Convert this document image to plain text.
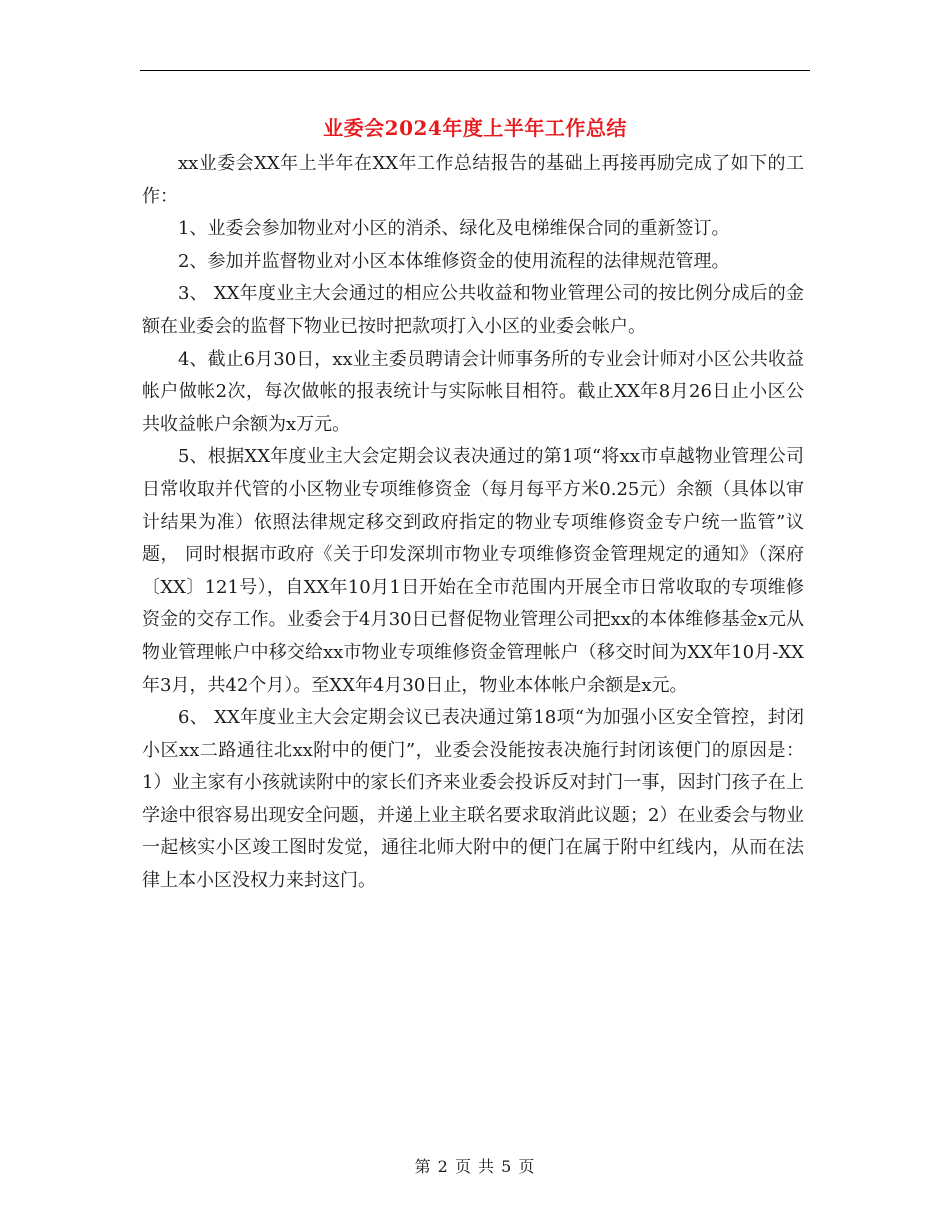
业委会2024年度上半年工作总结

xx业委会XX年上半年在XX年工作总结报告的基础上再接再励完成了如下的工作：

1、业委会参加物业对小区的消杀、绿化及电梯维保合同的重新签订。

2、参加并监督物业对小区本体维修资金的使用流程的法律规范管理。

3、 XX年度业主大会通过的相应公共收益和物业管理公司的按比例分成后的金额在业委会的监督下物业已按时把款项打入小区的业委会帐户。

4、截止6月30日，xx业主委员聘请会计师事务所的专业会计师对小区公共收益帐户做帐2次，每次做帐的报表统计与实际帐目相符。截止XX年8月26日止小区公共收益帐户余额为x万元。

5、根据XX年度业主大会定期会议表决通过的第1项“将xx市卓越物业管理公司日常收取并代管的小区物业专项维修资金（每月每平方米0.25元）余额（具体以审计结果为准）依照法律规定移交到政府指定的物业专项维修资金专户统一监管”议题， 同时根据市政府《关于印发深圳市物业专项维修资金管理规定的通知》（深府〔XX〕121号），自XX年10月1日开始在全市范围内开展全市日常收取的专项维修资金的交存工作。业委会于4月30日已督促物业管理公司把xx的本体维修基金x元从物业管理帐户中移交给xx市物业专项维修资金管理帐户（移交时间为XX年10月-XX年3月，共42个月）。至XX年4月30日止，物业本体帐户余额是x元。

6、 XX年度业主大会定期会议已表决通过第18项“为加强小区安全管控，封闭小区xx二路通往北xx附中的便门”，业委会没能按表决施行封闭该便门的原因是：1）业主家有小孩就读附中的家长们齐来业委会投诉反对封门一事，因封门孩子在上学途中很容易出现安全问题，并递上业主联名要求取消此议题；2）在业委会与物业一起核实小区竣工图时发觉，通往北师大附中的便门在属于附中红线内，从而在法律上本小区没权力来封这门。

第 2 页 共 5 页
